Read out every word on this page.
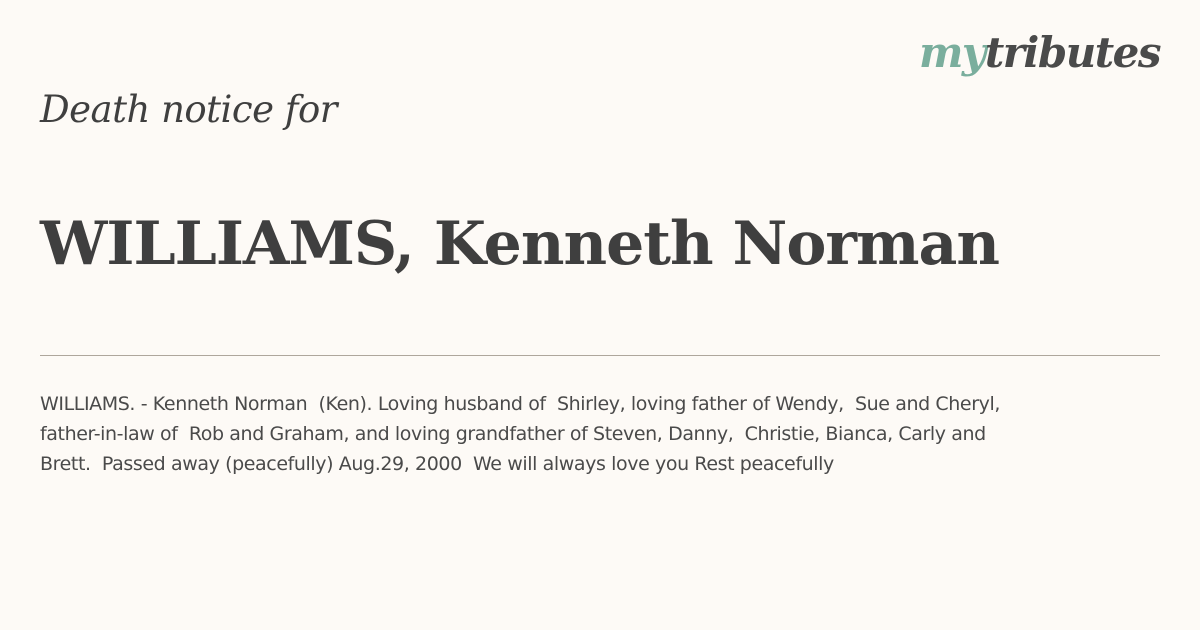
mytributes
Death notice for
WILLIAMS, Kenneth Norman
WILLIAMS. - Kenneth Norman  (Ken). Loving husband of  Shirley, loving father of Wendy,  Sue and Cheryl,
father-in-law of  Rob and Graham, and loving grandfather of Steven, Danny,  Christie, Bianca, Carly and
Brett.  Passed away (peacefully) Aug.29, 2000  We will always love you Rest peacefully
